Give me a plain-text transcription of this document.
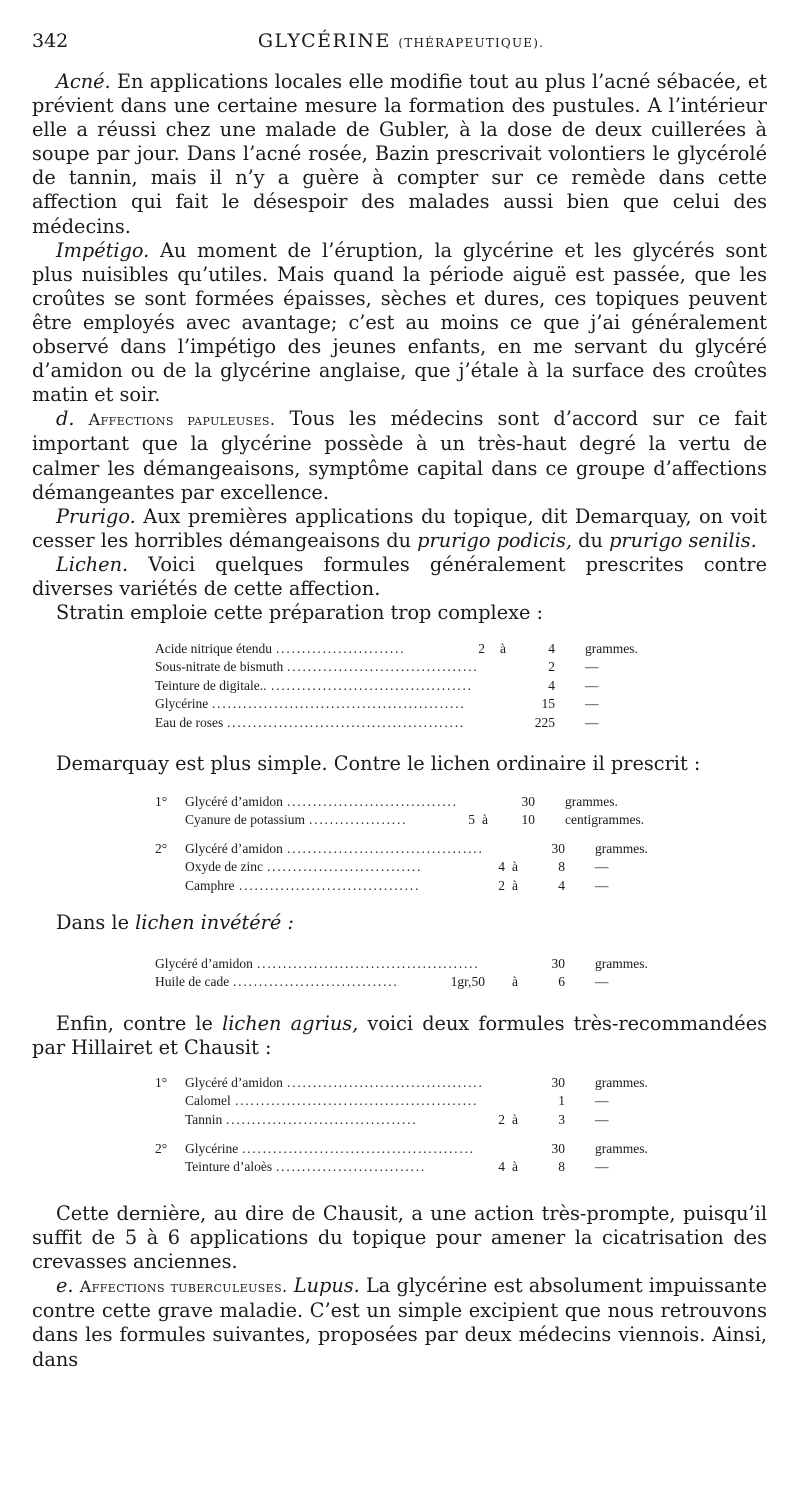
342	GLYCÉRINE (THÉRAPEUTIQUE).

Acné. En applications locales elle modifie tout au plus l’acné sébacée, et prévient dans une certaine mesure la formation des pustules. A l’intérieur elle a réussi chez une malade de Gubler, à la dose de deux cuillerées à soupe par jour. Dans l’acné rosée, Bazin prescrivait volontiers le glycérolé de tannin, mais il n’y a guère à compter sur ce remède dans cette affection qui fait le désespoir des malades aussi bien que celui des médecins.

Impétigo. Au moment de l’éruption, la glycérine et les glycérés sont plus nuisibles qu’utiles. Mais quand la période aiguë est passée, que les croûtes se sont formées épaisses, sèches et dures, ces topiques peuvent être employés avec avantage; c’est au moins ce que j’ai généralement observé dans l’impétigo des jeunes enfants, en me servant du glycéré d’amidon ou de la glycérine anglaise, que j’étale à la surface des croûtes matin et soir.

d. Affections papuleuses. Tous les médecins sont d’accord sur ce fait important que la glycérine possède à un très-haut degré la vertu de calmer les démangeaisons, symptôme capital dans ce groupe d’affections démangeantes par excellence.

Prurigo. Aux premières applications du topique, dit Demarquay, on voit cesser les horribles démangeaisons du prurigo podicis, du prurigo senilis.

Lichen. Voici quelques formules généralement prescrites contre diverses variétés de cette affection.

Stratin emploie cette préparation trop complexe :

Acide nitrique étendu .........................	2 à	4 grammes.
Sous-nitrate de bismuth .....................................	2 —
Teinture de digitale.. .......................................	4 —
Glycérine .................................................	15 —
Eau de roses ..............................................	225 —

Demarquay est plus simple. Contre le lichen ordinaire il prescrit :

1° Glycéré d’amidon .................................	30 grammes.
Cyanure de potassium ...................	5 à	10 centigrammes.
2° Glycéré d’amidon ......................................	30 grammes.
Oxyde de zinc ..............................	4 à	8 —
Camphre ...................................	2 à	4 —

Dans le lichen invétéré :

Glycéré d’amidon ...........................................	30 grammes.
Huile de cade ................................	1gr,50 à	6 —

Enfin, contre le lichen agrius, voici deux formules très-recommandées par Hillairet et Chausit :

1° Glycéré d’amidon ......................................	30 grammes.
Calomel ...............................................	1 —
Tannin .....................................	2 à	3 —
2° Glycérine .............................................	30 grammes.
Teinture d’aloès .............................	4 à	8 —

Cette dernière, au dire de Chausit, a une action très-prompte, puisqu’il suffit de 5 à 6 applications du topique pour amener la cicatrisation des crevasses anciennes.

e. Affections tuberculeuses. Lupus. La glycérine est absolument impuissante contre cette grave maladie. C’est un simple excipient que nous retrouvons dans les formules suivantes, proposées par deux médecins viennois. Ainsi, dans
